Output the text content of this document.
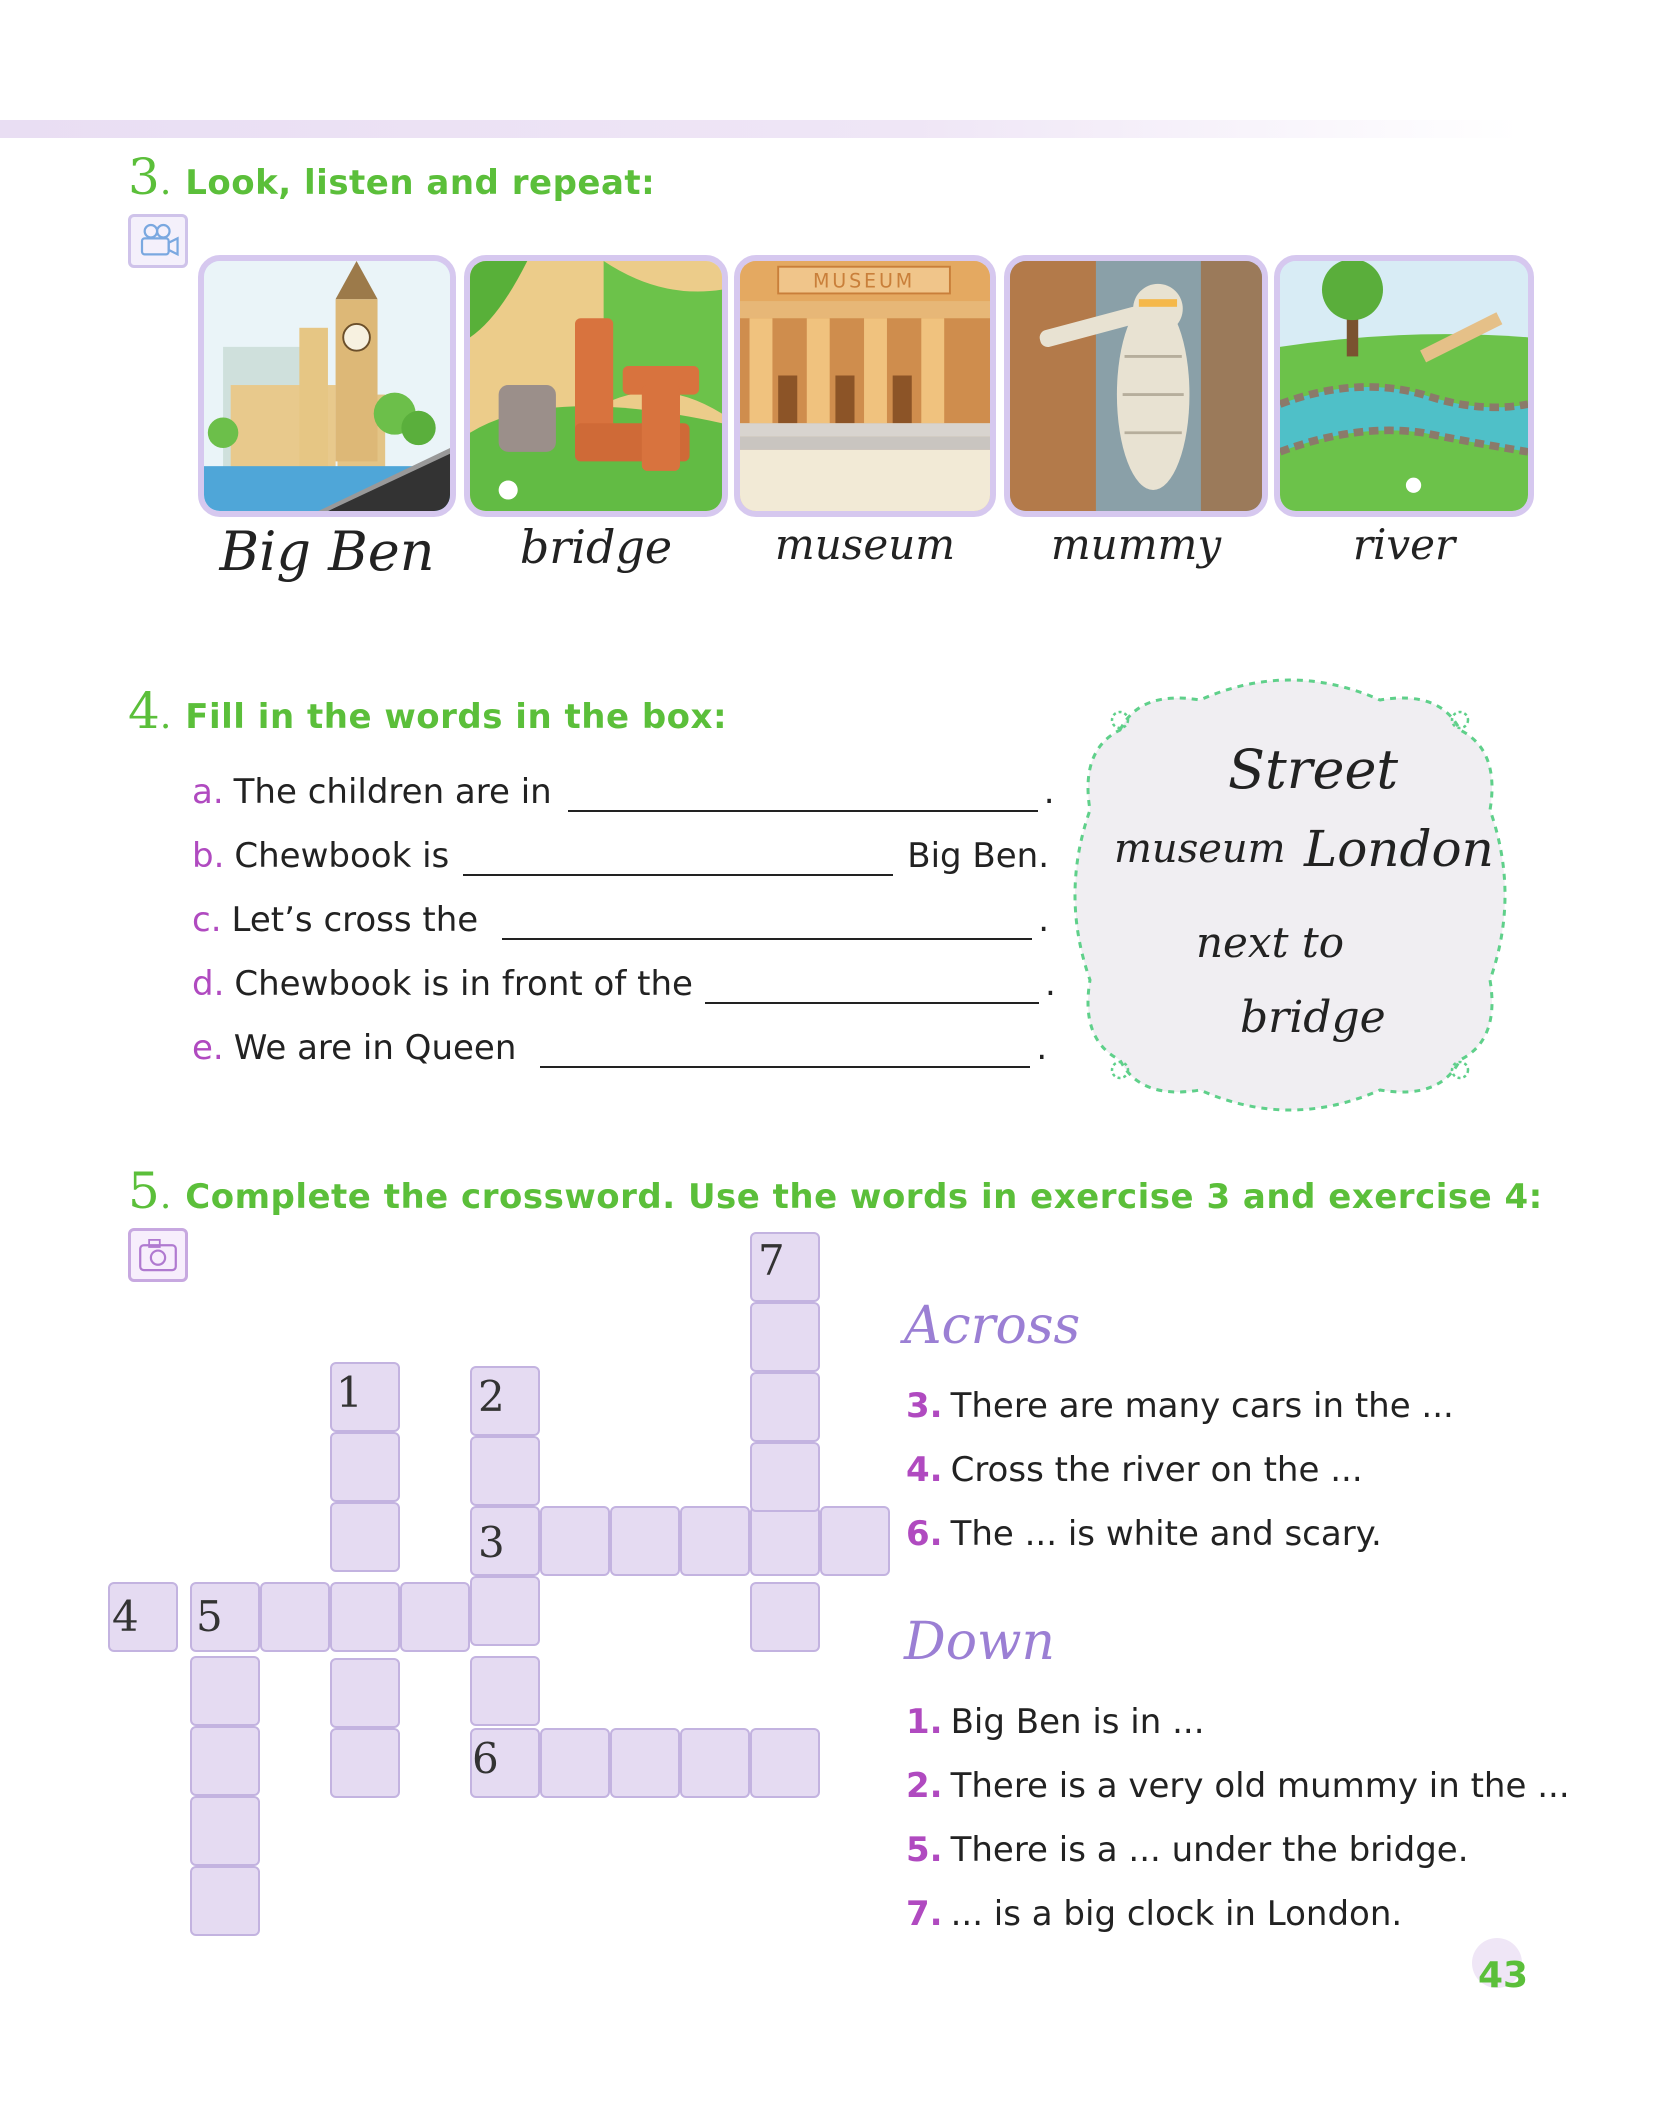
3 . Look, listen and repeat:
MUSEUM
Big Ben	bridge	museum	mummy	river
4 . Fill in the words in the box:
a. The children are in	.
b. Chewbook is	Big Ben.
c. Let’s cross the	.
d. Chewbook is in front of the	.
e. We are in Queen	.
Street
museum London
next to
bridge
5 . Complete the crossword. Use the words in exercise 3 and exercise 4:
1	2
3
4 5
6
7
Across
3. There are many cars in the ...
4. Cross the river on the ...
6. The ... is white and scary.
Down
1. Big Ben is in ...
2. There is a very old mummy in the ...
5. There is a ... under the bridge.
7. ... is a big clock in London.
43
